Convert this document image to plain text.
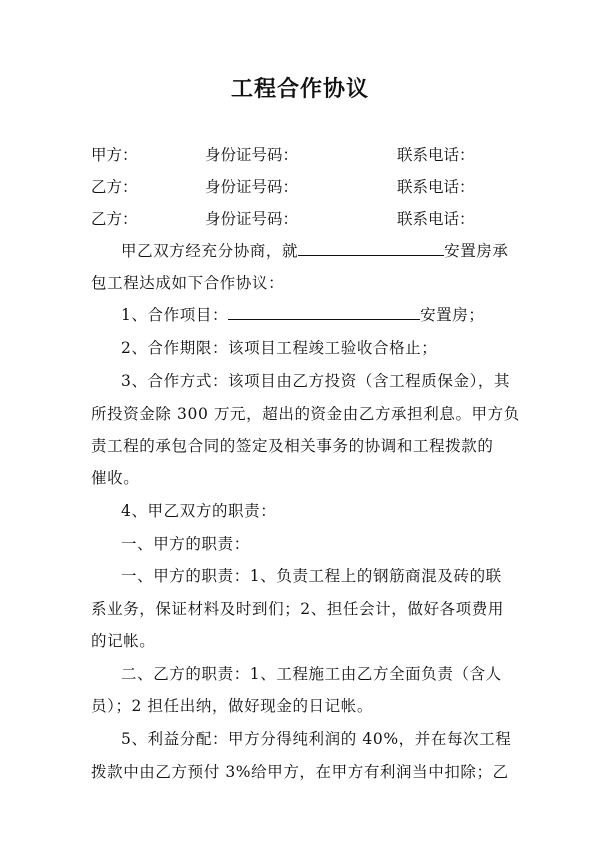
工程合作协议
甲方：	身份证号码：	联系电话：
乙方：	身份证号码：	联系电话：
乙方：	身份证号码：	联系电话：
甲乙双方经充分协商，就	安置房承
包工程达成如下合作协议：
1、合作项目：	安置房；
2、合作期限：该项目工程竣工验收合格止；
3、合作方式：该项目由乙方投资（含工程质保金），其
所投资金除 300 万元，超出的资金由乙方承担利息。甲方负
责工程的承包合同的签定及相关事务的协调和工程拨款的
催收。
4、甲乙双方的职责：
一、甲方的职责：
一、甲方的职责：1、负责工程上的钢筋商混及砖的联
系业务，保证材料及时到们；2、担任会计，做好各项费用
的记帐。
二、乙方的职责：1、工程施工由乙方全面负责（含人
员）；2 担任出纳，做好现金的日记帐。
5、利益分配：甲方分得纯利润的 40%，并在每次工程
拨款中由乙方预付 3%给甲方，在甲方有利润当中扣除；乙
